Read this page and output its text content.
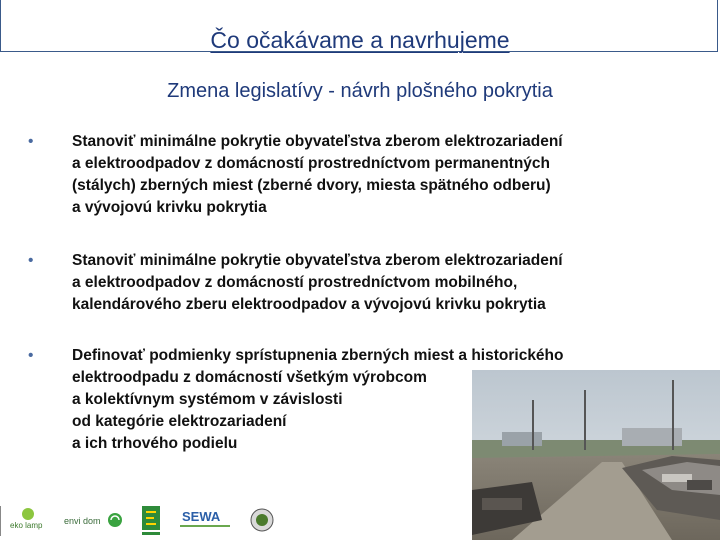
Čo očakávame a navrhujeme
Zmena legislatívy - návrh plošného pokrytia
•	Stanoviť minimálne pokrytie obyvateľstva zberom elektrozariadení
a elektroodpadov z domácností prostredníctvom permanentných
(stálych) zberných miest (zberné dvory, miesta spätného odberu)
a vývojovú krivku pokrytia
•	Stanoviť minimálne pokrytie obyvateľstva zberom elektrozariadení
a elektroodpadov z domácností prostredníctvom mobilného,
kalendárového zberu elektroodpadov a vývojovú krivku pokrytia
•	Definovať podmienky sprístupnenia zberných miest a historického
elektroodpadu z domácností všetkým výrobcom
a kolektívnym systémom v závislosti
od kategórie elektrozariadení
a ich trhového podielu
eko lamp envi dom	SEWA
